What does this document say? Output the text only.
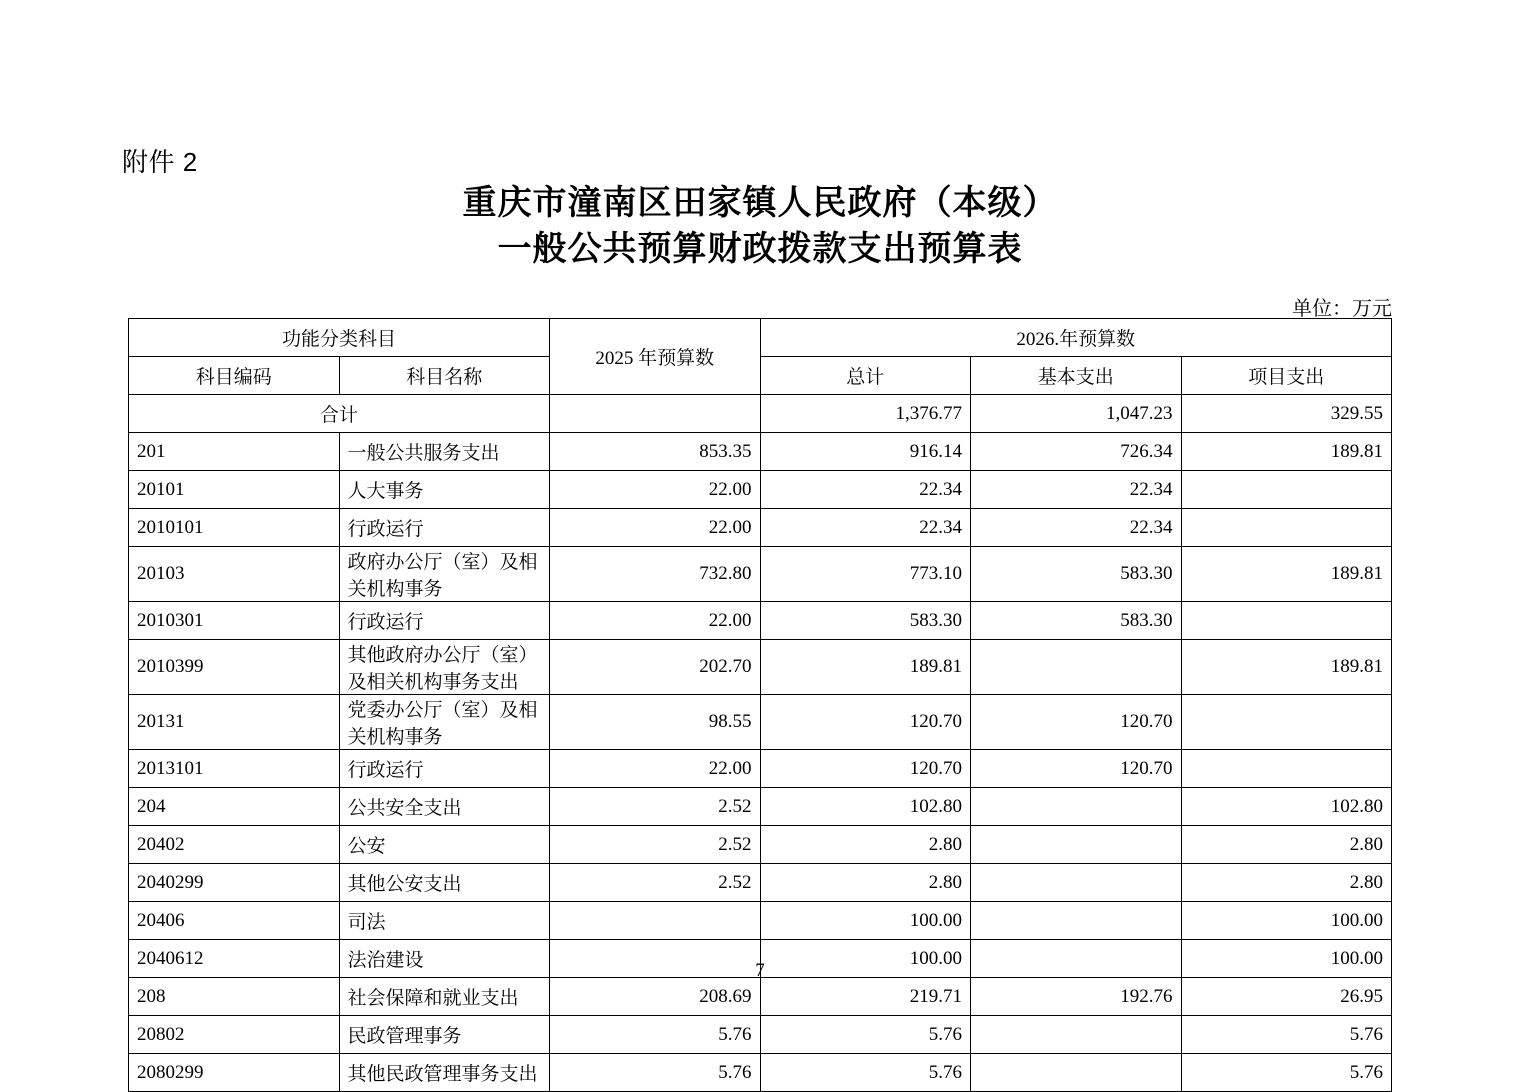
附件 2
重庆市潼南区田家镇人民政府（本级）
一般公共预算财政拨款支出预算表
单位：万元
功能分类科目		2025 年预算数	2026.年预算数		
科目编码	科目名称		总计	基本支出	项目支出
合计			1,376.77	1,047.23	329.55
201	一般公共服务支出	853.35	916.14	726.34	189.81
20101	人大事务	22.00	22.34	22.34	
2010101	行政运行	22.00	22.34	22.34	
20103	政府办公厅（室）及相关机构事务	732.80	773.10	583.30	189.81
2010301	行政运行	22.00	583.30	583.30	
2010399	其他政府办公厅（室）及相关机构事务支出	202.70	189.81		189.81
20131	党委办公厅（室）及相关机构事务	98.55	120.70	120.70	
2013101	行政运行	22.00	120.70	120.70	
204	公共安全支出	2.52	102.80		102.80
20402	公安	2.52	2.80		2.80
2040299	其他公安支出	2.52	2.80		2.80
20406	司法		100.00		100.00
2040612	法治建设		100.00		100.00
208	社会保障和就业支出	208.69	219.71	192.76	26.95
20802	民政管理事务	5.76	5.76		5.76
2080299	其他民政管理事务支出	5.76	5.76		5.76
7
